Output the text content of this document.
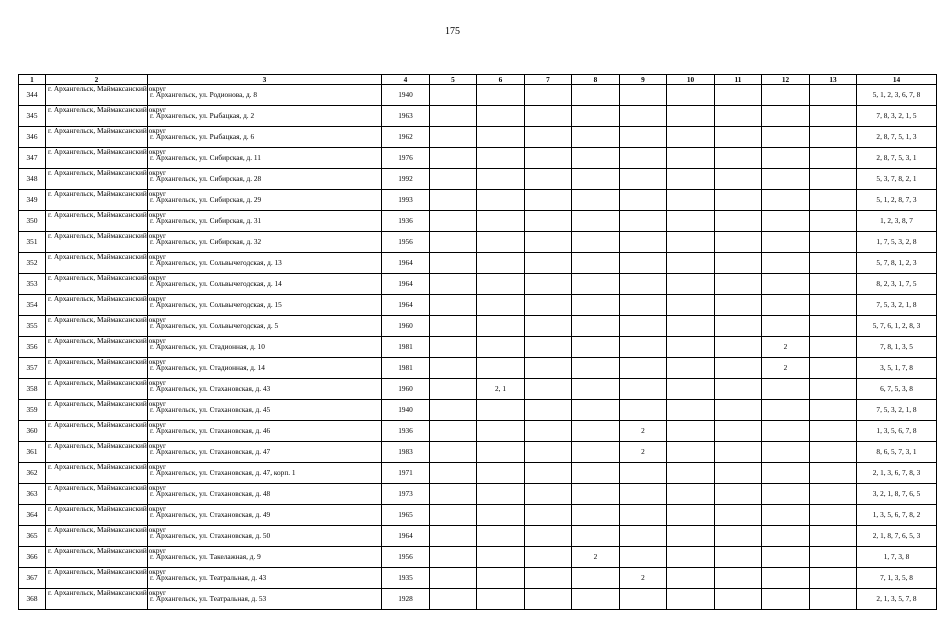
175
1	2	3	4	5	6	7	8	9	10	11	12	13	14
344	г. Архангельск, Маймаксанский округ	г. Архангельск, ул. Родионова, д. 8	1940										5, 1, 2, 3, 6, 7, 8
345	г. Архангельск, Маймаксанский округ	г. Архангельск, ул. Рыбацкая, д. 2	1963										7, 8, 3, 2, 1, 5
346	г. Архангельск, Маймаксанский округ	г. Архангельск, ул. Рыбацкая, д. 6	1962										2, 8, 7, 5, 1, 3
347	г. Архангельск, Маймаксанский округ	г. Архангельск, ул. Сибирская, д. 11	1976										2, 8, 7, 5, 3, 1
348	г. Архангельск, Маймаксанский округ	г. Архангельск, ул. Сибирская, д. 28	1992										5, 3, 7, 8, 2, 1
349	г. Архангельск, Маймаксанский округ	г. Архангельск, ул. Сибирская, д. 29	1993										5, 1, 2, 8, 7, 3
350	г. Архангельск, Маймаксанский округ	г. Архангельск, ул. Сибирская, д. 31	1936										1, 2, 3, 8, 7
351	г. Архангельск, Маймаксанский округ	г. Архангельск, ул. Сибирская, д. 32	1956										1, 7, 5, 3, 2, 8
352	г. Архангельск, Маймаксанский округ	г. Архангельск, ул. Сольвычегодская, д. 13	1964										5, 7, 8, 1, 2, 3
353	г. Архангельск, Маймаксанский округ	г. Архангельск, ул. Сольвычегодская, д. 14	1964										8, 2, 3, 1, 7, 5
354	г. Архангельск, Маймаксанский округ	г. Архангельск, ул. Сольвычегодская, д. 15	1964										7, 5, 3, 2, 1, 8
355	г. Архангельск, Маймаксанский округ	г. Архангельск, ул. Сольвычегодская, д. 5	1960										5, 7, 6, 1, 2, 8, 3
356	г. Архангельск, Маймаксанский округ	г. Архангельск, ул. Стадионная, д. 10	1981								2		7, 8, 1, 3, 5
357	г. Архангельск, Маймаксанский округ	г. Архангельск, ул. Стадионная, д. 14	1981								2		3, 5, 1, 7, 8
358	г. Архангельск, Маймаксанский округ	г. Архангельск, ул. Стахановская, д. 43	1960		2, 1								6, 7, 5, 3, 8
359	г. Архангельск, Маймаксанский округ	г. Архангельск, ул. Стахановская, д. 45	1940										7, 5, 3, 2, 1, 8
360	г. Архангельск, Маймаксанский округ	г. Архангельск, ул. Стахановская, д. 46	1936					2					1, 3, 5, 6, 7, 8
361	г. Архангельск, Маймаксанский округ	г. Архангельск, ул. Стахановская, д. 47	1983					2					8, 6, 5, 7, 3, 1
362	г. Архангельск, Маймаксанский округ	г. Архангельск, ул. Стахановская, д. 47, корп. 1	1971										2, 1, 3, 6, 7, 8, 3
363	г. Архангельск, Маймаксанский округ	г. Архангельск, ул. Стахановская, д. 48	1973										3, 2, 1, 8, 7, 6, 5
364	г. Архангельск, Маймаксанский округ	г. Архангельск, ул. Стахановская, д. 49	1965										1, 3, 5, 6, 7, 8, 2
365	г. Архангельск, Маймаксанский округ	г. Архангельск, ул. Стахановская, д. 50	1964										2, 1, 8, 7, 6, 5, 3
366	г. Архангельск, Маймаксанский округ	г. Архангельск, ул. Такелажная, д. 9	1956				2						1, 7, 3, 8
367	г. Архангельск, Маймаксанский округ	г. Архангельск, ул. Театральная, д. 43	1935					2					7, 1, 3, 5, 8
368	г. Архангельск, Маймаксанский округ	г. Архангельск, ул. Театральная, д. 53	1928										2, 1, 3, 5, 7, 8
